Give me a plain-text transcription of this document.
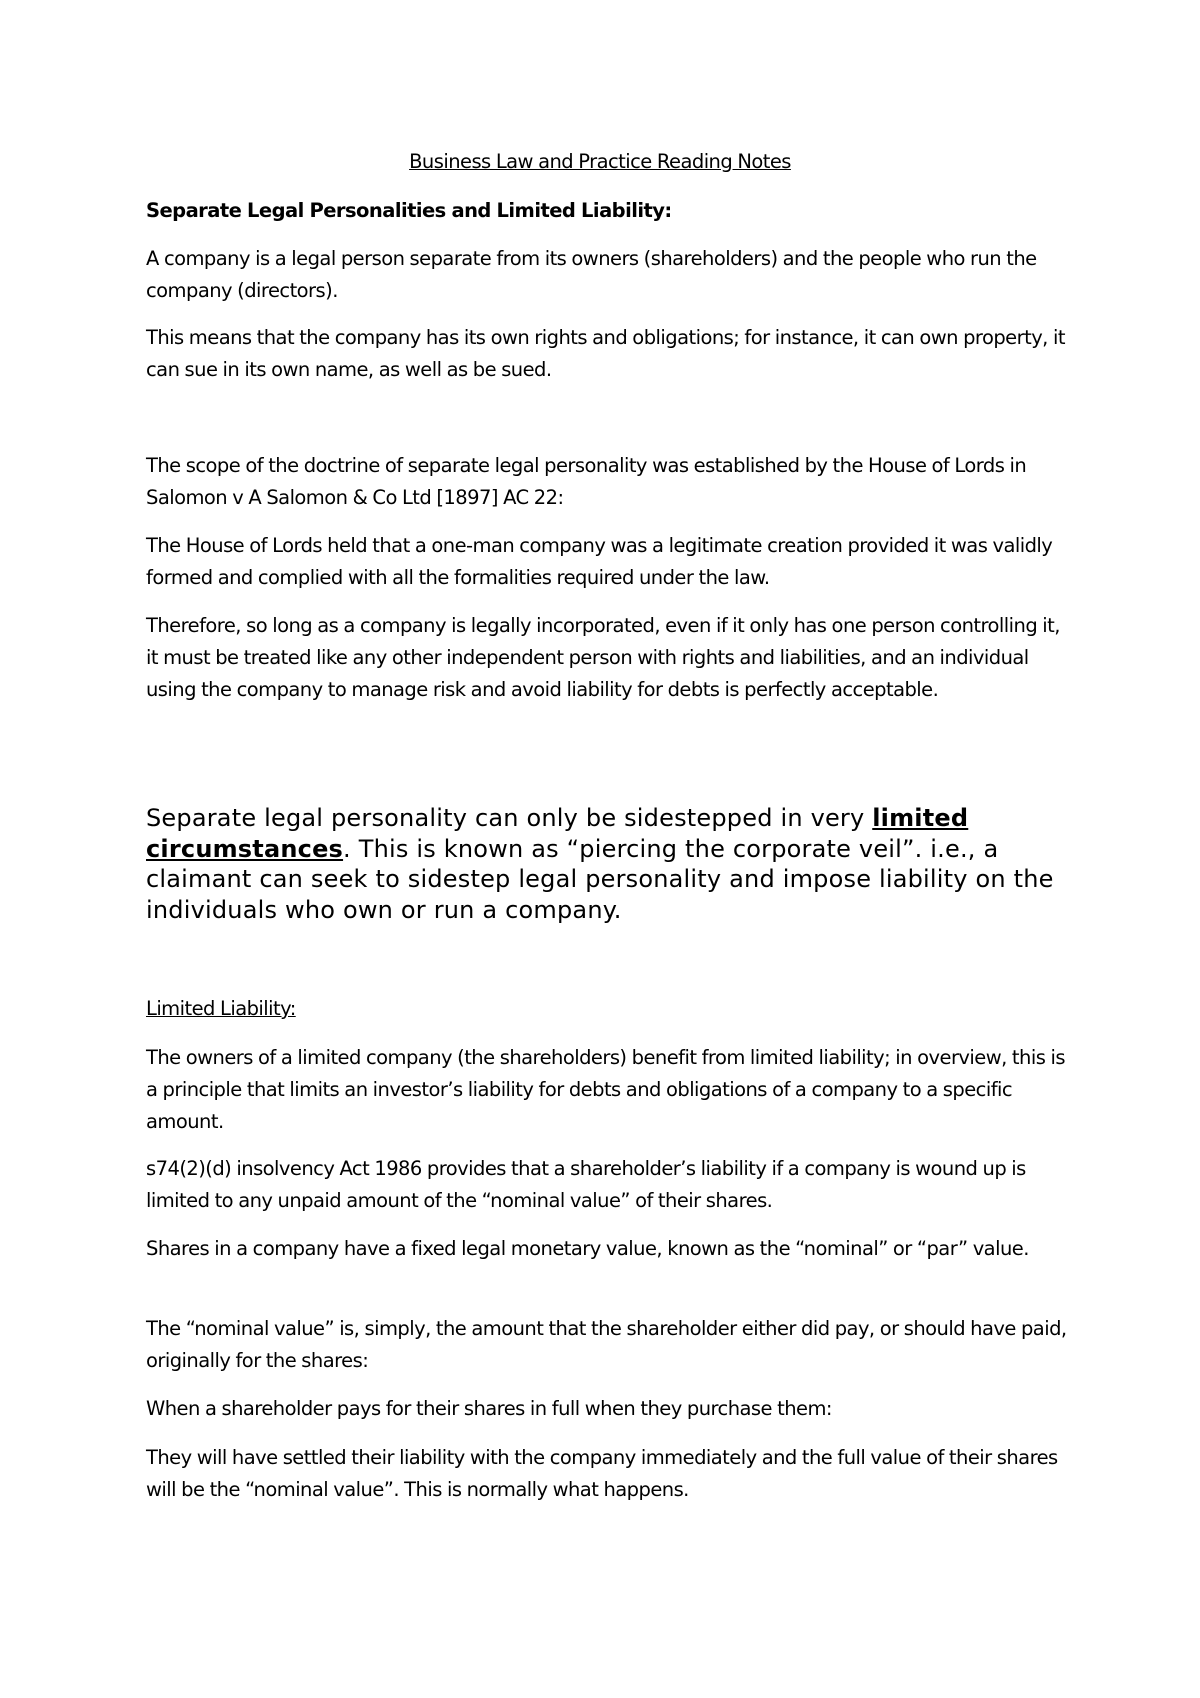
Business Law and Practice Reading Notes
Separate Legal Personalities and Limited Liability:

A company is a legal person separate from its owners (shareholders) and the people who run the company (directors).

This means that the company has its own rights and obligations; for instance, it can own property, it can sue in its own name, as well as be sued.

The scope of the doctrine of separate legal personality was established by the House of Lords in Salomon v A Salomon & Co Ltd [1897] AC 22:

The House of Lords held that a one-man company was a legitimate creation provided it was validly formed and complied with all the formalities required under the law.

Therefore, so long as a company is legally incorporated, even if it only has one person controlling it, it must be treated like any other independent person with rights and liabilities, and an individual using the company to manage risk and avoid liability for debts is perfectly acceptable.

Separate legal personality can only be sidestepped in very limited circumstances. This is known as “piercing the corporate veil”. i.e., a claimant can seek to sidestep legal personality and impose liability on the individuals who own or run a company.

Limited Liability:

The owners of a limited company (the shareholders) benefit from limited liability; in overview, this is a principle that limits an investor’s liability for debts and obligations of a company to a specific amount.

s74(2)(d) insolvency Act 1986 provides that a shareholder’s liability if a company is wound up is limited to any unpaid amount of the “nominal value” of their shares.

Shares in a company have a fixed legal monetary value, known as the “nominal” or “par” value.

The “nominal value” is, simply, the amount that the shareholder either did pay, or should have paid, originally for the shares:

When a shareholder pays for their shares in full when they purchase them:

They will have settled their liability with the company immediately and the full value of their shares will be the “nominal value”. This is normally what happens.
